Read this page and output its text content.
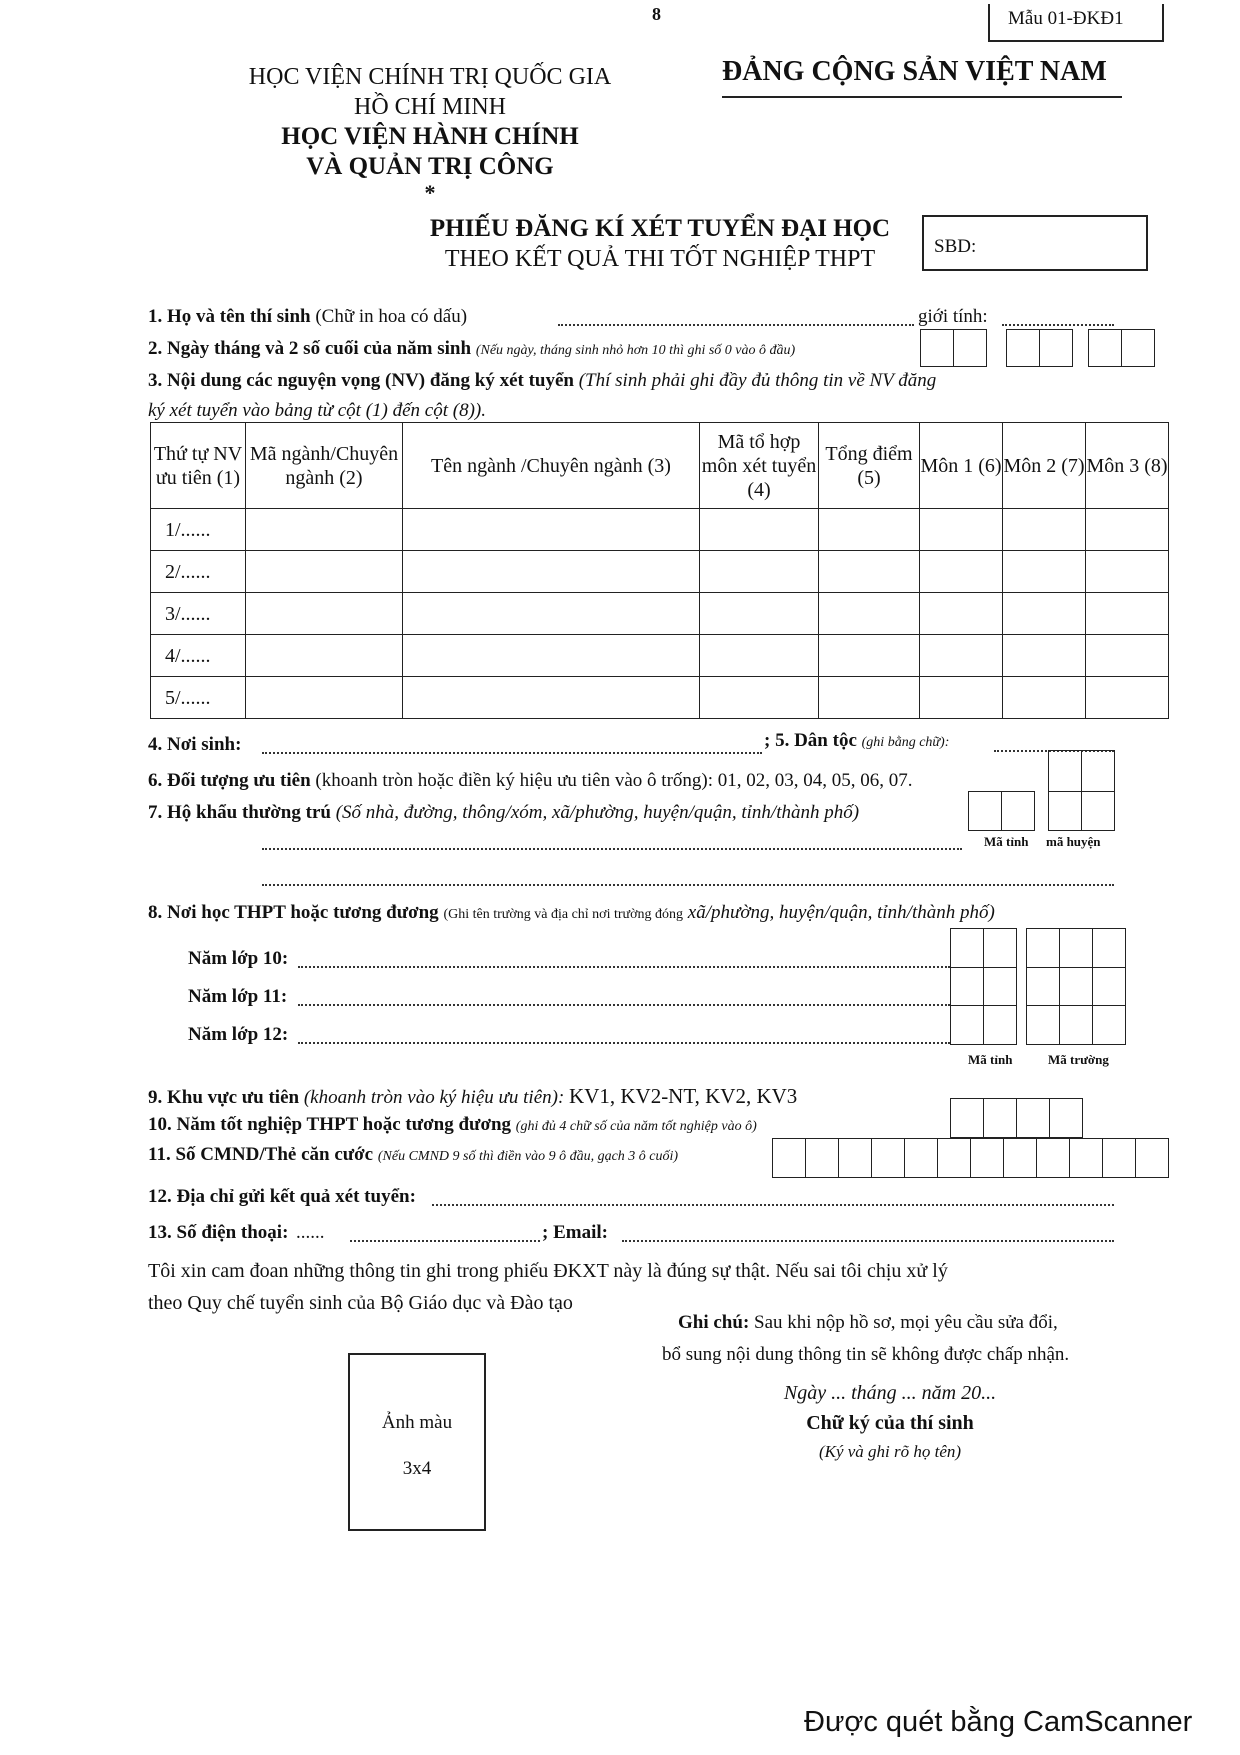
8	Mẫu 01-ĐKĐ1
HỌC VIỆN CHÍNH TRỊ QUỐC GIA
HỒ CHÍ MINH
HỌC VIỆN HÀNH CHÍNH
VÀ QUẢN TRỊ CÔNG
*
ĐẢNG CỘNG SẢN VIỆT NAM
PHIẾU ĐĂNG KÍ XÉT TUYỂN ĐẠI HỌC
THEO KẾT QUẢ THI TỐT NGHIỆP THPT	SBD:
1. Họ và tên thí sinh (Chữ in hoa có dấu)	giới tính:
2. Ngày tháng và 2 số cuối của năm sinh (Nếu ngày, tháng sinh nhỏ hơn 10 thì ghi số 0 vào ô đầu)
3. Nội dung các nguyện vọng (NV) đăng ký xét tuyển (Thí sinh phải ghi đầy đủ thông tin về NV đăng
ký xét tuyển vào bảng từ cột (1) đến cột (8)).
Thứ tự NV ưu tiên (1)	Mã ngành/Chuyên ngành (2)	Tên ngành /Chuyên ngành (3)	Mã tổ hợp môn xét tuyển (4)	Tổng điểm (5)	Môn 1 (6)	Môn 2 (7)	Môn 3 (8)
1/......							
2/......							
3/......							
4/......							
5/......							
4. Nơi sinh:	; 5. Dân tộc (ghi bằng chữ):
6. Đối tượng ưu tiên (khoanh tròn hoặc điền ký hiệu ưu tiên vào ô trống): 01, 02, 03, 04, 05, 06, 07.
7. Hộ khẩu thường trú (Số nhà, đường, thông/xóm, xã/phường, huyện/quận, tỉnh/thành phố)
Mã tỉnh mã huyện
8. Nơi học THPT hoặc tương đương (Ghi tên trường và địa chỉ nơi trường đóng xã/phường, huyện/quận, tỉnh/thành phố)
Năm lớp 10:
Năm lớp 11:
Năm lớp 12:
Mã tỉnh	Mã trường
9. Khu vực ưu tiên (khoanh tròn vào ký hiệu ưu tiên): KV1, KV2-NT, KV2, KV3
10. Năm tốt nghiệp THPT hoặc tương đương (ghi đủ 4 chữ số của năm tốt nghiệp vào ô)
11. Số CMND/Thẻ căn cước (Nếu CMND 9 số thì điền vào 9 ô đầu, gạch 3 ô cuối)
12. Địa chỉ gửi kết quả xét tuyển:
13. Số điện thoại: ......	; Email:
Tôi xin cam đoan những thông tin ghi trong phiếu ĐKXT này là đúng sự thật. Nếu sai tôi chịu xử lý
theo Quy chế tuyển sinh của Bộ Giáo dục và Đào tạo
Ghi chú: Sau khi nộp hồ sơ, mọi yêu cầu sửa đổi,
bổ sung nội dung thông tin sẽ không được chấp nhận.
Ảnh màu
3x4
Ngày ... tháng ... năm 20...
Chữ ký của thí sinh
(Ký và ghi rõ họ tên)
Được quét bằng CamScanner
